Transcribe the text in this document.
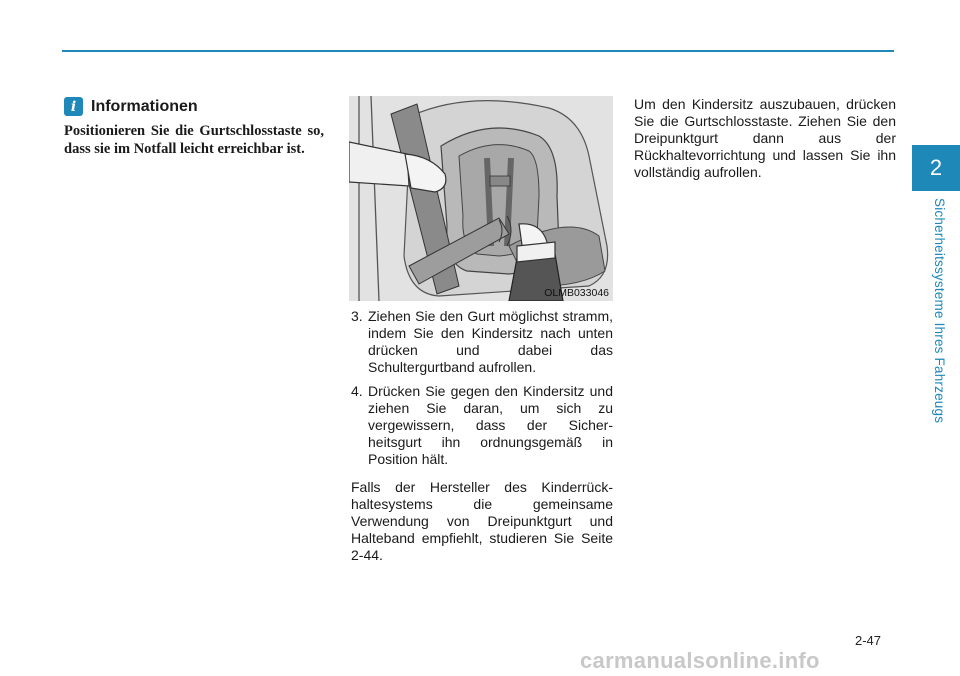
2
Sicherheitssysteme Ihres Fahrzeugs
i Informationen
Positionieren Sie die Gurtschlosstaste so, dass sie im Notfall leicht erreichbar ist.
OLMB033046
3. Ziehen Sie den Gurt möglichst stramm, indem Sie den Kindersitz nach unten drücken und dabei das Schultergurtband aufrollen.
4. Drücken Sie gegen den Kindersitz und ziehen Sie daran, um sich zu vergewissern, dass der Sicher-heitsgurt ihn ordnungsgemäß in Position hält.
Falls der Hersteller des Kinderrück-haltesystems die gemeinsame Verwendung von Dreipunktgurt und Halteband empfiehlt, studieren Sie Seite 2-44.
Um den Kindersitz auszubauen, drücken Sie die Gurtschlosstaste. Ziehen Sie den Dreipunktgurt dann aus der Rückhaltevorrichtung und lassen Sie ihn vollständig aufrollen.
2-47
carmanualsonline.info
